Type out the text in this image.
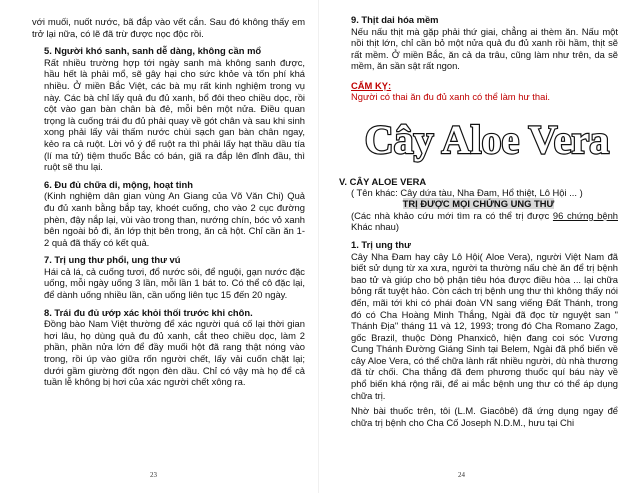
với muối, nuốt nước, bã đắp vào vết cắn. Sau đó không thấy em trở lại nữa, có lẽ đã trừ được nọc độc rồi.

5. Người khó sanh, sanh dễ dàng, không cần mổ

Rất nhiều trường hợp tới ngày sanh mà không sanh được, hầu hết là phải mổ, sẽ gây hại cho sức khỏe và tốn phí khá nhiều. Ở miền Bắc Việt, các bà mụ rất kinh nghiệm trong vụ này. Các bà chỉ lấy quả đu đủ xanh, bổ đôi theo chiều dọc, rồi cột vào gan bàn chân bà đẻ, mỗi bên một nửa. Điều quan trọng là cuống trái đu đủ phải quay về gót chân và sau khi sinh xong phải lấy vải thấm nước chùi sạch gan bàn chân ngay, kẻo ra cả ruột. Lời vỏ ý để ruột ra thì phải lấy hạt thầu dầu tía (lí ma tử) tiệm thuốc Bắc có bán, giã ra đắp lên đỉnh đầu, thì ruột sẽ thu lại.

6. Đu đủ chữa di, mộng, hoạt tinh

(Kinh nghiệm dân gian vùng An Giang của Võ Văn Chi) Quả đu đủ xanh bằng bắp tay, khoét cuống, cho vào 2 cục đường phèn, đậy nắp lại, vùi vào trong than, nướng chín, bóc vỏ xanh bên ngoài bỏ đi, ăn lớp thịt bên trong, ăn cả hột. Chỉ cần ăn 1-2 quả đã thấy có kết quả.

7. Trị ung thư phổi, ung thư vú

Hái cả lá, cả cuống tươi, đổ nước sôi, để nguội, gạn nước đặc uống, mỗi ngày uống 3 lần, mỗi lần 1 bát to. Có thể cô đặc lại, để dành uống nhiều lần, cần uống liên tục 15 đến 20 ngày.

8. Trái đu đủ ướp xác khỏi thối trước khi chôn.

Đồng bào Nam Việt thường để xác người quá cố lại thời gian hơi lâu, họ dùng quả đu đủ xanh, cắt theo chiều dọc, làm 2 phần, phần nửa lớn để đầy muối hột đã rang thật nóng vào trong, rồi úp vào giữa rốn người chết, lấy vải cuốn chặt lại; dưới gầm giường đốt ngọn đèn dầu. Chỉ có vậy mà họ để cả tuần lễ không bị hơi của xác người chết xông ra.

23
9. Thịt dai hóa mềm

Nếu nấu thịt mà gặp phải thứ giai, chẳng ai thèm ăn. Nấu một nồi thịt lớn, chỉ cần bỏ một nửa quả đu đủ xanh rồi hầm, thịt sẽ rất mềm. Ở miền Bắc, ăn cả da trâu, cũng làm như trên, da sẽ mềm, ăn sần sật rất ngon.

CẨM KỴ:
Người có thai ăn đu đủ xanh có thể làm hư thai.
Cây Aloe Vera
V. CÂY ALOE VERA

( Tên khác: Cây dứa tàu, Nha Đam, Hổ thiệt, Lô Hội ... )

TRỊ ĐƯỢC MỌI CHỨNG UNG THƯ

(Các nhà khảo cứu mới tìm ra có thể trị được 96 chứng bệnh Khác nhau)

1. Trị ung thư

Cây Nha Đam hay cây Lô Hội( Aloe Vera), người Việt Nam đã biết sử dụng từ xa xưa, người ta thường nấu chè ăn để trị bệnh bao tử và giúp cho bộ phận tiêu hóa được điều hòa ... lại chữa bỏng rất tuyệt hảo. Còn cách trị bệnh ung thư thì không thấy nói đến, mãi tới khi có phái đoàn VN sang viếng Đất Thánh, trong đó có Cha Hoàng Minh Thắng, Ngài đã đọc từ nguyệt san " Thánh Địa" tháng 11 và 12, 1993; trong đó Cha Romano Zago, gốc Brazil, thuộc Dòng Phanxicô, hiện đang coi sóc Vương Cung Thánh Đường Giáng Sinh tại Belem, Ngài đã phổ biến về cây Aloe Vera, có thể chữa lành rất nhiều người, dù nhà thương đã từ chối. Cha thắng đã đem phương thuốc quí báu này về phổ biến khá rộng rãi, để ai mắc bệnh ung thư có thể áp dụng chữa trị.

Nhờ bài thuốc trên, tôi (L.M. Giacôbê) đã ứng dụng ngay để chữa trị bệnh cho Cha Cố Joseph N.D.M., hưu tại Chi

24
